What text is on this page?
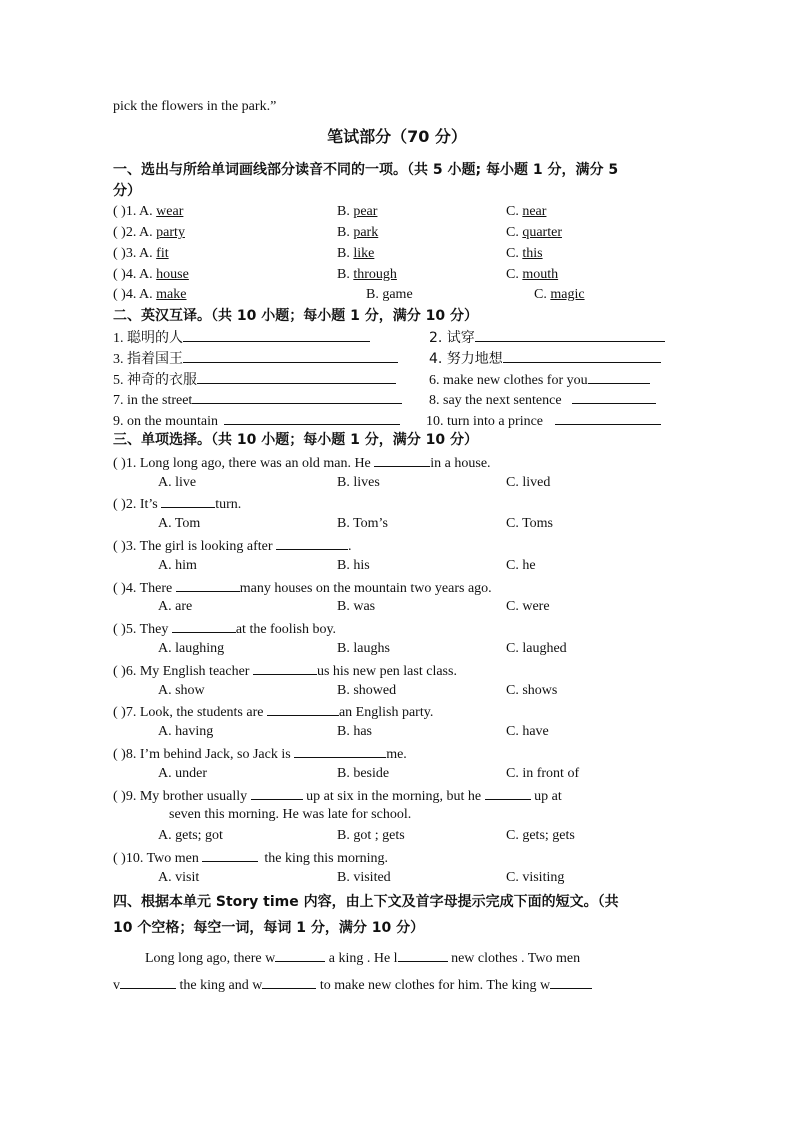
pick the flowers in the park.”
笔试部分（70 分）
一、选出与所给单词画线部分读音不同的一项。（共 5 小题; 每小题 1 分，满分 5
分）
( )1. A. wear	B. pear	C. near
( )2. A. party	B. park	C. quarter
( )3. A. fit	B. like	C. this
( )4. A. house	B. through	C. mouth
( )4. A. make	B. game	C. magic
二、英汉互译。（共 10 小题；每小题 1 分，满分 10 分）
1. 聪明的人	2. 试穿
3. 指着国王	4. 努力地想
5. 神奇的衣服	6. make new clothes for you
7. in the street	8. say the next sentence
9. on the mountain	10. turn into a prince
三、单项选择。（共 10 小题；每小题 1 分，满分 10 分）
( )1. Long long ago, there was an old man. He	in a house.
A. live	B. lives	C. lived
( )2. It’s	turn.
A. Tom	B. Tom’s	C. Toms
( )3. The girl is looking after	.
A. him	B. his	C. he
( )4. There	many houses on the mountain two years ago.
A. are	B. was	C. were
( )5. They	at the foolish boy.
A. laughing	B. laughs	C. laughed
( )6. My English teacher	us his new pen last class.
A. show	B. showed	C. shows
( )7. Look, the students are	an English party.
A. having	B. has	C. have
( )8. I’m behind Jack, so Jack is	me.
A. under	B. beside	C. in front of
( )9. My brother usually	up at six in the morning, but he	up at
seven this morning. He was late for school.
A. gets; got	B. got ; gets	C. gets; gets
( )10. Two men	the king this morning.
A. visit	B. visited	C. visiting
四、根据本单元 Story time 内容，由上下文及首字母提示完成下面的短文。（共
10 个空格；每空一词，每词 1 分，满分 10 分）
Long long ago, there w	a king . He l	new clothes . Two men
v	the king and w	to make new clothes for him. The king w
